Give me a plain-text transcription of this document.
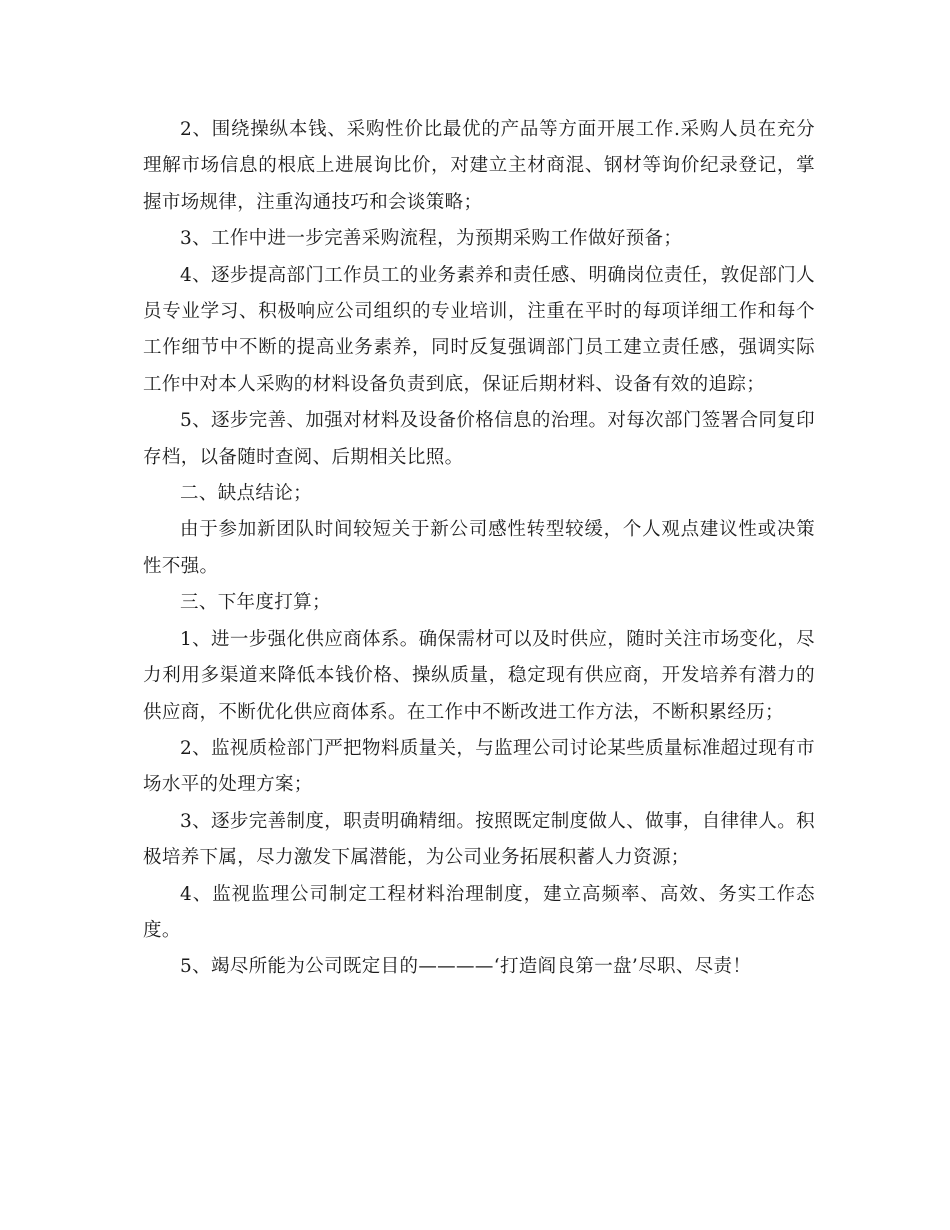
2、围绕操纵本钱、采购性价比最优的产品等方面开展工作.采购人员在充分理解市场信息的根底上进展询比价，对建立主材商混、钢材等询价纪录登记，掌握市场规律，注重沟通技巧和会谈策略；

3、工作中进一步完善采购流程，为预期采购工作做好预备；

4、逐步提高部门工作员工的业务素养和责任感、明确岗位责任，敦促部门人员专业学习、积极响应公司组织的专业培训，注重在平时的每项详细工作和每个工作细节中不断的提高业务素养，同时反复强调部门员工建立责任感，强调实际工作中对本人采购的材料设备负责到底，保证后期材料、设备有效的追踪；

5、逐步完善、加强对材料及设备价格信息的治理。对每次部门签署合同复印存档，以备随时查阅、后期相关比照。

二、缺点结论；

由于参加新团队时间较短关于新公司感性转型较缓，个人观点建议性或决策性不强。

三、下年度打算；

1、进一步强化供应商体系。确保需材可以及时供应，随时关注市场变化，尽力利用多渠道来降低本钱价格、操纵质量，稳定现有供应商，开发培养有潜力的供应商，不断优化供应商体系。在工作中不断改进工作方法，不断积累经历；

2、监视质检部门严把物料质量关，与监理公司讨论某些质量标准超过现有市场水平的处理方案；

3、逐步完善制度，职责明确精细。按照既定制度做人、做事，自律律人。积极培养下属，尽力激发下属潜能，为公司业务拓展积蓄人力资源；

4、监视监理公司制定工程材料治理制度，建立高频率、高效、务实工作态度。

5、竭尽所能为公司既定目的————‘打造阎良第一盘’尽职、尽责！
